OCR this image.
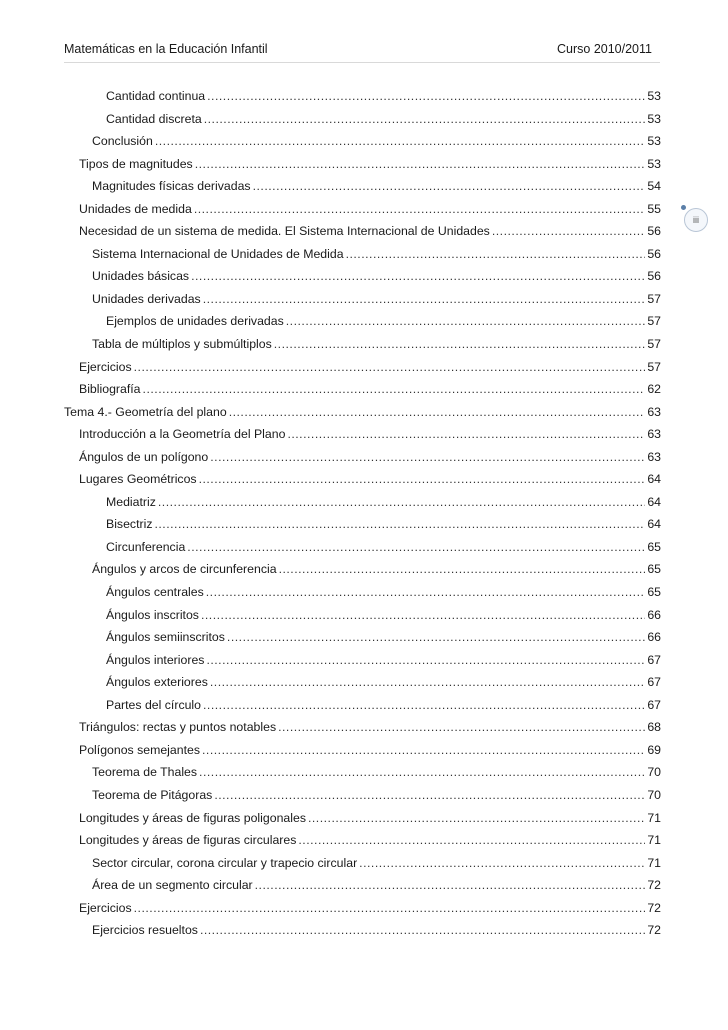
Matemáticas en la Educación Infantil	Curso 2010/2011
iii
Cantidad continua .....	53
Cantidad discreta .....	53
Conclusión .....	53
Tipos de magnitudes .....	53
Magnitudes físicas derivadas .....	54
Unidades de medida .....	55
Necesidad de un sistema de medida. El Sistema Internacional de Unidades .....	56
Sistema Internacional de Unidades de Medida .....	56
Unidades básicas .....	56
Unidades derivadas .....	57
Ejemplos de unidades derivadas .....	57
Tabla de múltiplos y submúltiplos .....	57
Ejercicios .....	57
Bibliografía .....	62
Tema 4.- Geometría del plano .....	63
Introducción a la Geometría del Plano .....	63
Ángulos de un polígono .....	63
Lugares Geométricos .....	64
Mediatriz .....	64
Bisectriz .....	64
Circunferencia .....	65
Ángulos y arcos de circunferencia .....	65
Ángulos centrales .....	65
Ángulos inscritos .....	66
Ángulos semiinscritos .....	66
Ángulos interiores .....	67
Ángulos exteriores .....	67
Partes del círculo .....	67
Triángulos: rectas y puntos notables .....	68
Polígonos semejantes .....	69
Teorema de Thales .....	70
Teorema de Pitágoras .....	70
Longitudes y áreas de figuras poligonales .....	71
Longitudes y áreas de figuras circulares .....	71
Sector circular, corona circular y trapecio circular .....	71
Área de un segmento circular .....	72
Ejercicios .....	72
Ejercicios resueltos .....	72
